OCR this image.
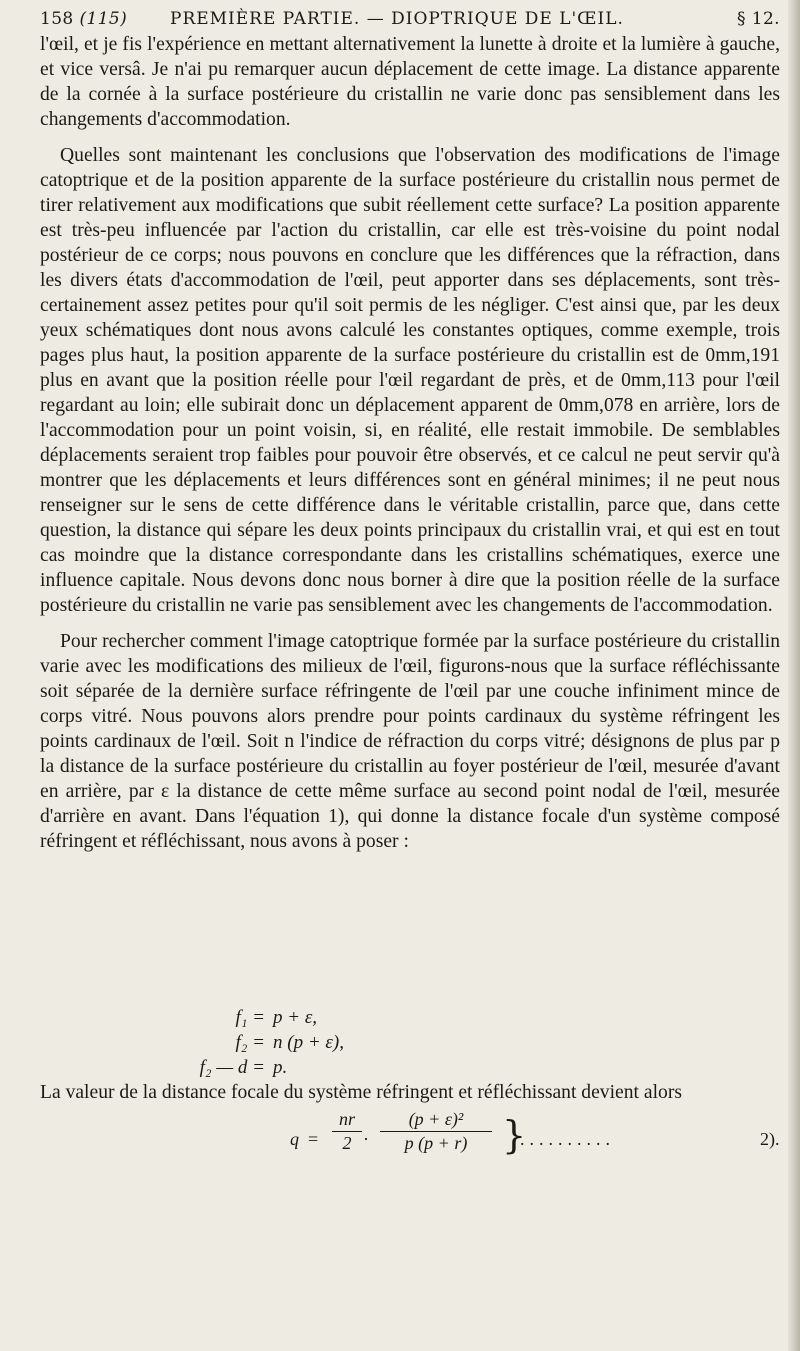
158 (115)	PREMIÈRE PARTIE. — DIOPTRIQUE DE L'ŒIL.	§ 12.

l'œil, et je fis l'expérience en mettant alternativement la lunette à droite et la lumière à gauche, et vice versâ. Je n'ai pu remarquer aucun déplacement de cette image. La distance apparente de la cornée à la surface postérieure du cristallin ne varie donc pas sensiblement dans les changements d'accommodation.

Quelles sont maintenant les conclusions que l'observation des modifications de l'image catoptrique et de la position apparente de la surface postérieure du cristallin nous permet de tirer relativement aux modifications que subit réellement cette surface? La position apparente est très-peu influencée par l'action du cristallin, car elle est très-voisine du point nodal postérieur de ce corps; nous pouvons en conclure que les différences que la réfraction, dans les divers états d'accommodation de l'œil, peut apporter dans ses déplacements, sont très-certainement assez petites pour qu'il soit permis de les négliger. C'est ainsi que, par les deux yeux schématiques dont nous avons calculé les constantes optiques, comme exemple, trois pages plus haut, la position apparente de la surface postérieure du cristallin est de 0mm,191 plus en avant que la position réelle pour l'œil regardant de près, et de 0mm,113 pour l'œil regardant au loin; elle subirait donc un déplacement apparent de 0mm,078 en arrière, lors de l'accommodation pour un point voisin, si, en réalité, elle restait immobile. De semblables déplacements seraient trop faibles pour pouvoir être observés, et ce calcul ne peut servir qu'à montrer que les déplacements et leurs différences sont en général minimes; il ne peut nous renseigner sur le sens de cette différence dans le véritable cristallin, parce que, dans cette question, la distance qui sépare les deux points principaux du cristallin vrai, et qui est en tout cas moindre que la distance correspondante dans les cristallins schématiques, exerce une influence capitale. Nous devons donc nous borner à dire que la position réelle de la surface postérieure du cristallin ne varie pas sensiblement avec les changements de l'accommodation.

Pour rechercher comment l'image catoptrique formée par la surface postérieure du cristallin varie avec les modifications des milieux de l'œil, figurons-nous que la surface réfléchissante soit séparée de la dernière surface réfringente de l'œil par une couche infiniment mince de corps vitré. Nous pouvons alors prendre pour points cardinaux du système réfringent les points cardinaux de l'œil. Soit n l'indice de réfraction du corps vitré; désignons de plus par p la distance de la surface postérieure du cristallin au foyer postérieur de l'œil, mesurée d'avant en arrière, par ε la distance de cette même surface au second point nodal de l'œil, mesurée d'arrière en avant. Dans l'équation 1), qui donne la distance focale d'un système composé réfringent et réfléchissant, nous avons à poser :

f₁ = p + ε,
f₂ = n (p + ε),
f₂ — d = p.
La valeur de la distance focale du système réfringent et réfléchissant devient alors
q =
nr
2 ·
(p + ε)²
p (p + r) }
..........	2).
